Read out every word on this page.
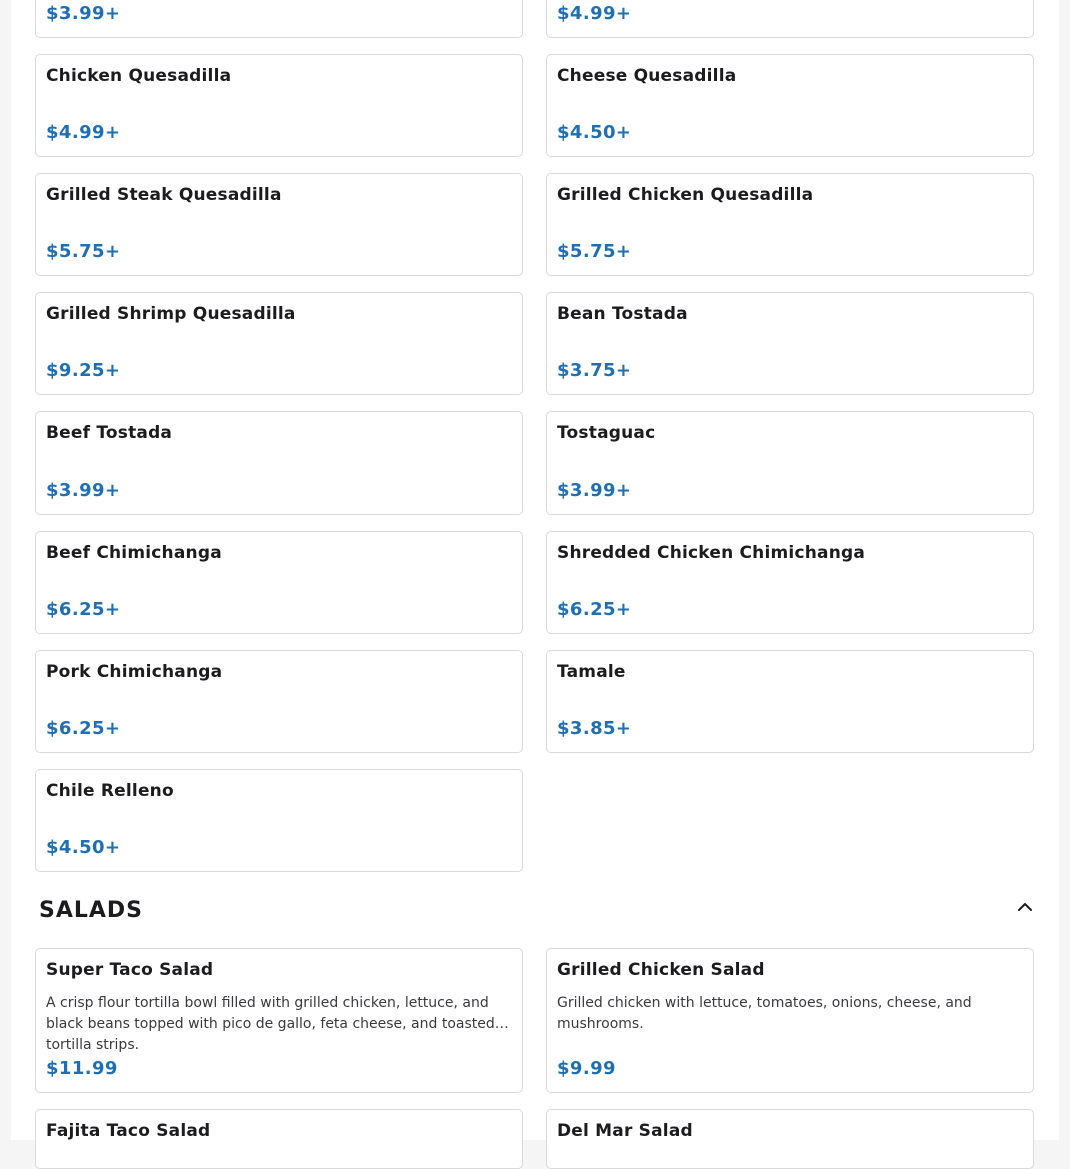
$3.99+	$4.99+
Chicken Quesadilla
$4.99+
Cheese Quesadilla
$4.50+
Grilled Steak Quesadilla
$5.75+
Grilled Chicken Quesadilla
$5.75+
Grilled Shrimp Quesadilla
$9.25+
Bean Tostada
$3.75+
Beef Tostada
$3.99+
Tostaguac
$3.99+
Beef Chimichanga
$6.25+
Shredded Chicken Chimichanga
$6.25+
Pork Chimichanga
$6.25+
Tamale
$3.85+
Chile Relleno
$4.50+
SALADS
Super Taco Salad
A crisp flour tortilla bowl filled with grilled chicken, lettuce, and black beans topped with pico de gallo, feta cheese, and toasted tortilla strips.
$11.99
Grilled Chicken Salad
Grilled chicken with lettuce, tomatoes, onions, cheese, and mushrooms.
$9.99
Fajita Taco Salad	Del Mar Salad
